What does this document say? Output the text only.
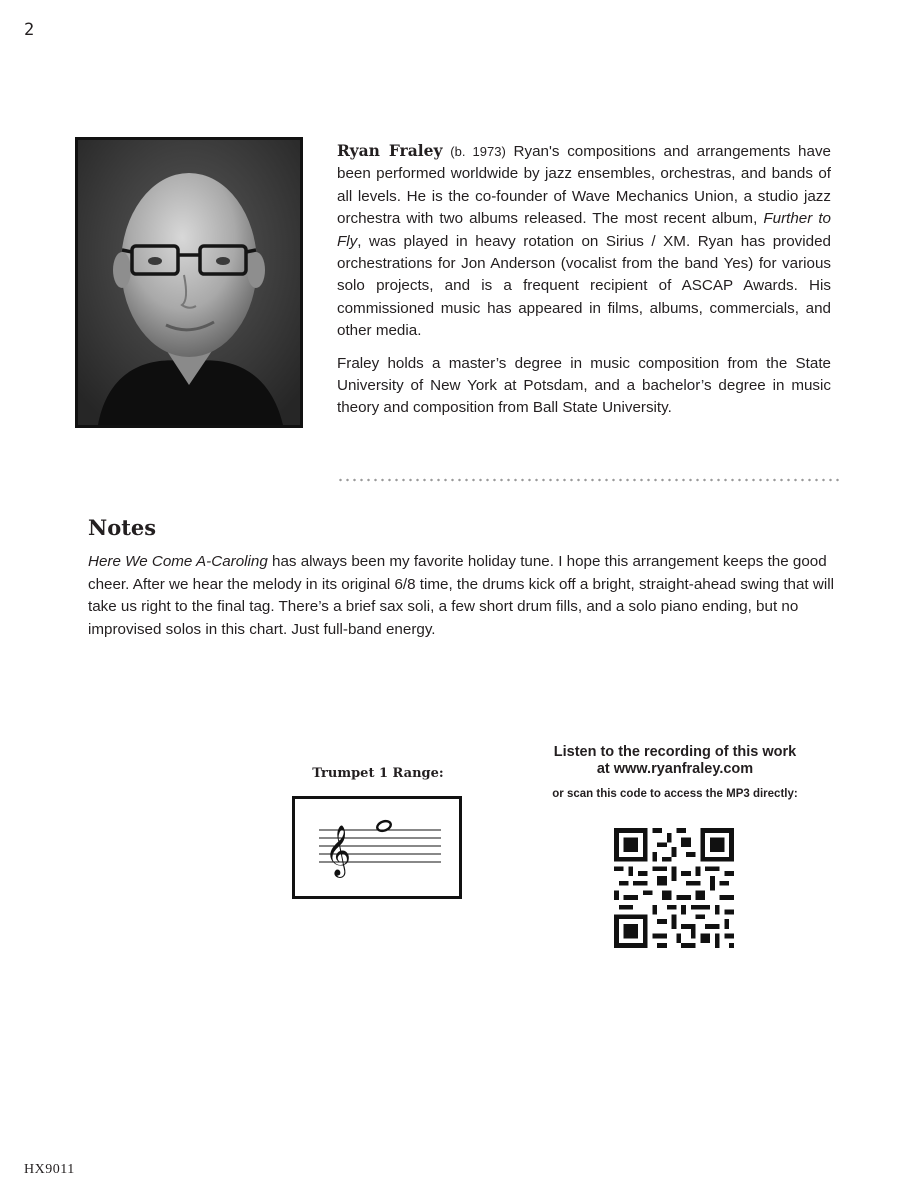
2

Ryan Fraley (b. 1973) Ryan's compositions and arrangements have been performed worldwide by jazz ensembles, orchestras, and bands of all levels. He is the co-founder of Wave Mechanics Union, a studio jazz orchestra with two albums released. The most recent album, Further to Fly, was played in heavy rotation on Sirius / XM. Ryan has provided orchestrations for Jon Anderson (vocalist from the band Yes) for various solo projects, and is a frequent recipient of ASCAP Awards. His commissioned music has appeared in films, albums, commercials, and other media.

Fraley holds a master’s degree in music composition from the State University of New York at Potsdam, and a bachelor’s degree in music theory and composition from Ball State University.

Notes

Here We Come A-Caroling has always been my favorite holiday tune. I hope this arrangement keeps the good cheer. After we hear the melody in its original 6/8 time, the drums kick off a bright, straight-ahead swing that will take us right to the final tag. There’s a brief sax soli, a few short drum fills, and a solo piano ending, but no improvised solos in this chart. Just full-band energy.

Trumpet 1 Range:
𝄞
Listen to the recording of this work
at www.ryanfraley.com
or scan this code to access the MP3 directly:
HX9011
